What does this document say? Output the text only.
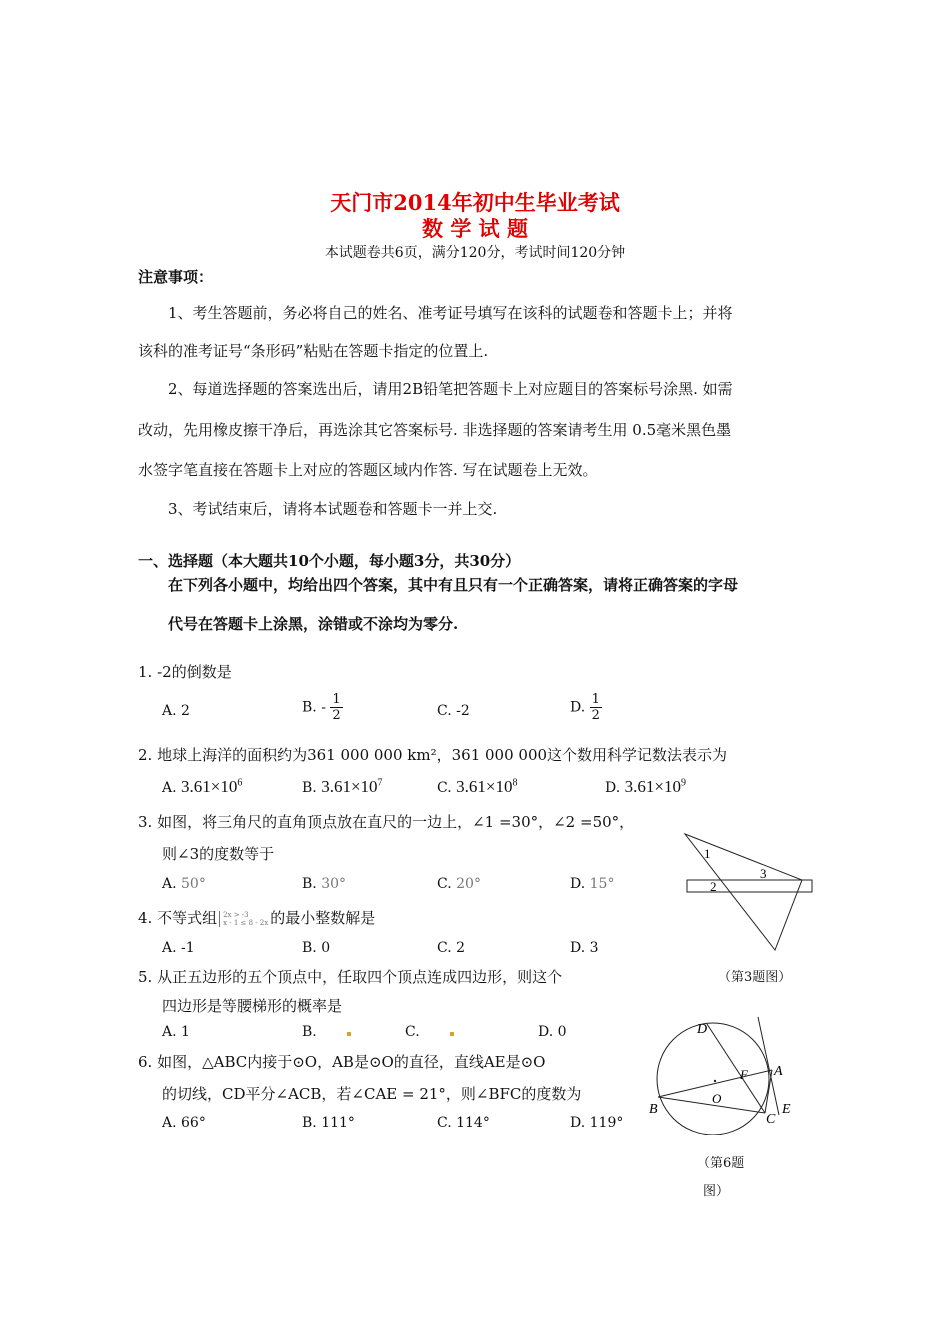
天门市2014年初中生毕业考试
数 学 试 题
本试题卷共6页，满分120分，考试时间120分钟
注意事项：
1、考生答题前，务必将自己的姓名、准考证号填写在该科的试题卷和答题卡上；并将
该科的准考证号“条形码”粘贴在答题卡指定的位置上.
2、每道选择题的答案选出后，请用2B铅笔把答题卡上对应题目的答案标号涂黑. 如需
改动，先用橡皮擦干净后，再选涂其它答案标号. 非选择题的答案请考生用 0.5毫米黑色墨
水签字笔直接在答题卡上对应的答题区域内作答. 写在试题卷上无效。
3、考试结束后，请将本试题卷和答题卡一并上交.
一、选择题（本大题共10个小题，每小题3分，共30分）
在下列各小题中，均给出四个答案，其中有且只有一个正确答案，请将正确答案的字母
代号在答题卡上涂黑，涂错或不涂均为零分.
1. -2的倒数是
A. 2	B. - $\frac{1}{2}$	C. -2	D. $\frac{1}{2}$
2. 地球上海洋的面积约为361 000 000 km²，361 000 000这个数用科学记数法表示为
A. $3.61\times 10^6$	B. $3.61\times 10^7$	C. $3.61\times 10^8$	D. $3.61\times 10^9$
3. 如图，将三角尺的直角顶点放在直尺的一边上，∠1 =30°，∠2 =50°，
则∠3的度数等于
A. 50°	B. 30°	C. 20°	D. 15°
1
2
3
（第3题图）
4. 不等式组 2x > -3
x - 1 ≤ 8 - 2x 的最小整数解是
A. -1	B. 0	C. 2	D. 3
5. 从正五边形的五个顶点中，任取四个顶点连成四边形，则这个
四边形是等腰梯形的概率是
A. 1	B.	C.	D. 0
6. 如图，△ABC内接于⊙O，AB是⊙O的直径，直线AE是⊙O
的切线，CD平分∠ACB，若∠CAE = 21°，则∠BFC的度数为
A. 66°	B. 111°	C. 114°	D. 119°
D
A
F
O
B
C
E
（第6题
图）
